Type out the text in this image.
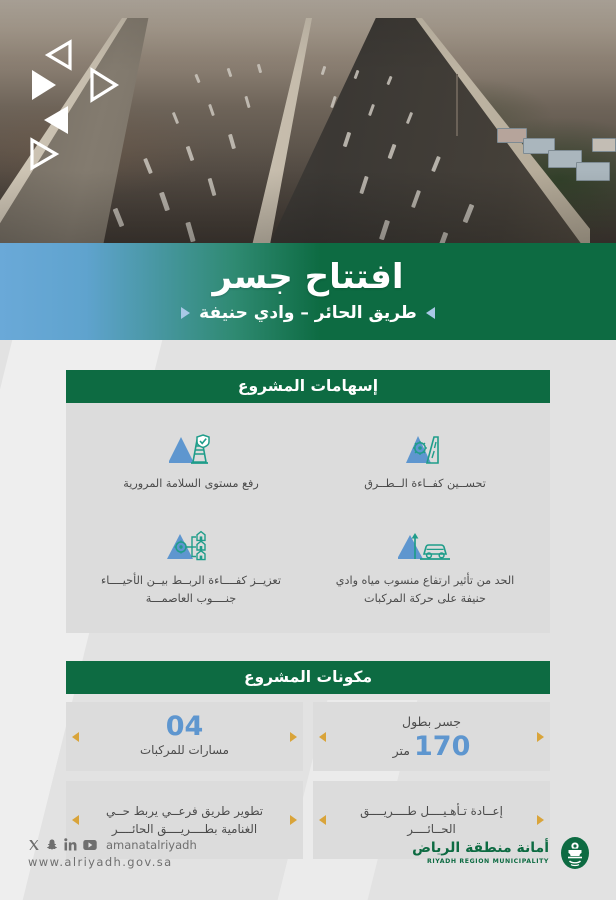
افتتاح جسر
طريق الحائر – وادي حنيفة
إسهامات المشروع
تحســين كفــاءة الــطــرق
رفع مستوى السلامة المرورية
الحد من تأثير ارتفاع منسوب مياه وادي حنيفة على حركة المركبات
تعزيــز كفــــاءة الربــط بيــن الأحيــــاء جنــــوب العاصمـــة
مكونات المشروع
جسر بطول
170
متر
04
مسارات للمركبات
إعــادة تـأهـيــــل طــــريــــق الحــائــــر
تطوير طريق فرعــي يربط حــي الغنامية بطــــريــــق الحائــــر
أمانة منطقة الرياض
RIYADH REGION MUNICIPALITY
amanatalriyadh
www.alriyadh.gov.sa
